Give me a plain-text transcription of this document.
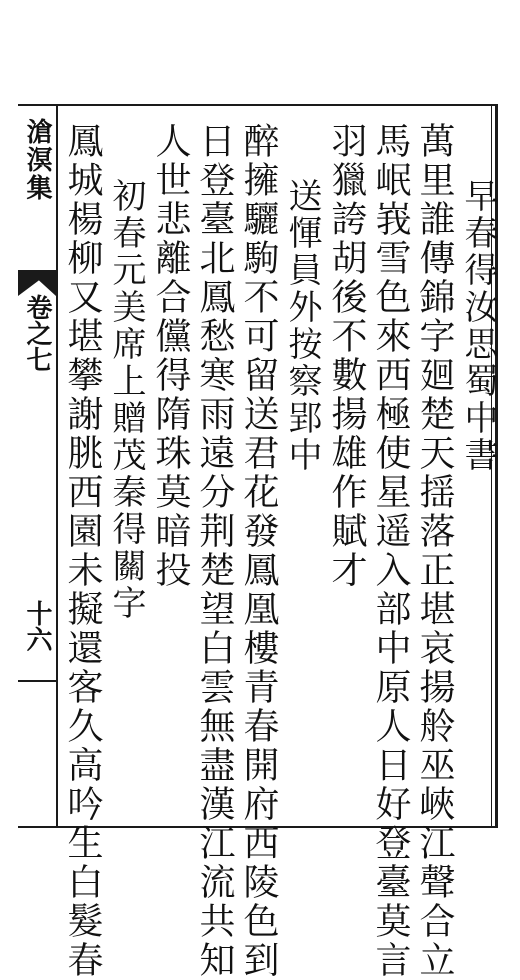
滄溟集
卷之七
十六
早春得汝思蜀中書
萬里誰傳錦字廻楚天揺落正堪哀揚舲巫峽江聲合立
馬岷峩雪色來西極使星遥入部中原人日好登臺莫言
羽獵誇胡後不數揚雄作賦才
送惲員外按察郢中
醉擁驪駒不可留送君花發鳳凰樓青春開府西陵色到
日登臺北鳳愁寒雨遠分荆楚望白雲無盡漢江流共知
人世悲離合儻得隋珠莫暗投
初春元美席上贈茂秦得關字
鳳城楊柳又堪攀謝朓西園未擬還客久高吟生白髮春
